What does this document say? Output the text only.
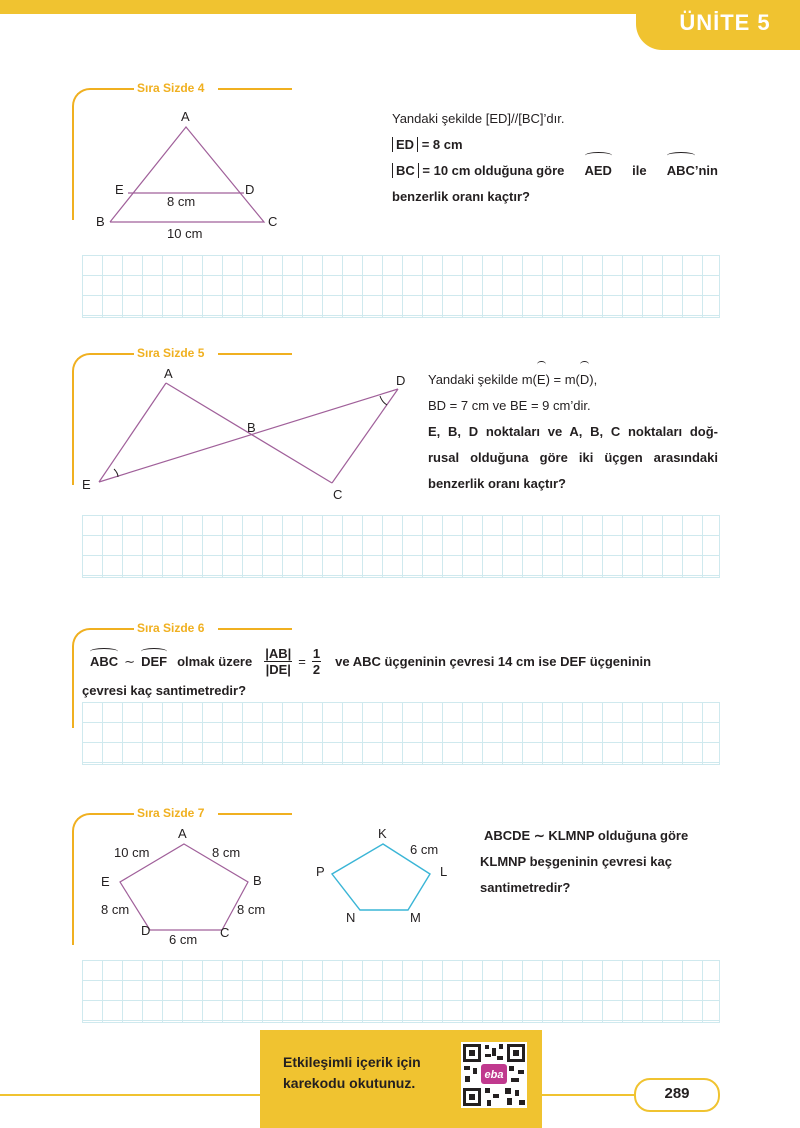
ÜNİTE 5
Sıra Sizde 4
A
E	D
B	C
8 cm
10 cm
Yandaki şekilde [ED]//[BC]’dır.
ED = 8 cm
BC = 10 cm olduğuna göre AED ile ABC’nin
benzerlik oranı kaçtır?
Sıra Sizde 5
A
B
C
D
E
Yandaki şekilde m(E) = m(D),
BD = 7 cm ve BE = 9 cm’dir.
E, B, D noktaları ve A, B, C noktaları doğ-
rusal olduğuna göre iki üçgen arasındaki
benzerlik oranı kaçtır?
Sıra Sizde 6
ABC ∼ DEF olmak üzere $\frac{|AB|}{|DE|} = \frac{1}{2}$ ve ABC üçgeninin çevresi 14 cm ise DEF üçgeninin
çevresi kaç santimetredir?
Sıra Sizde 7
A
B
C
D
E
10 cm	8 cm
8 cm	8 cm
6 cm
K
L
M
N
P
6 cm
ABCDE ∼ KLMNP olduğuna göre
KLMNP beşgeninin çevresi kaç
santimetredir?
Etkileşimli içerik için
karekodu okutunuz.	eba
289
